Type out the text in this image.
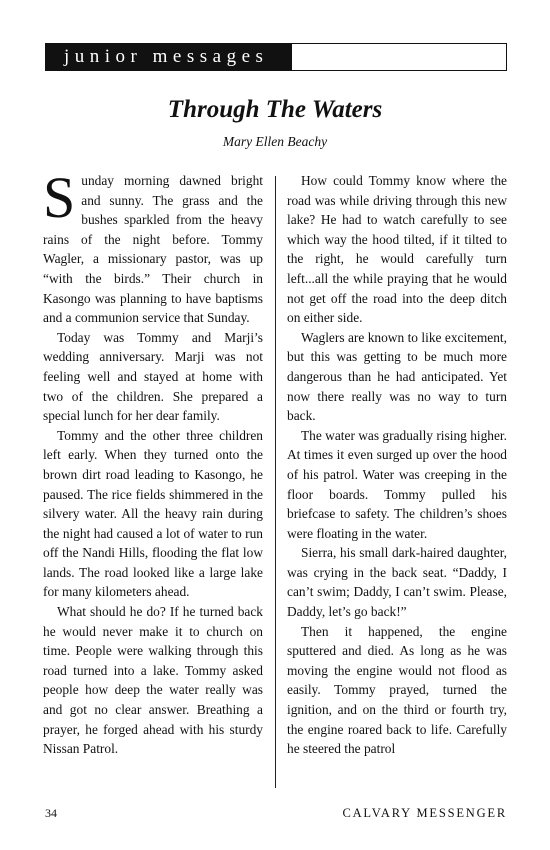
junior messages
Through The Waters
Mary Ellen Beachy

Sunday morning dawned bright and sunny. The grass and the bushes sparkled from the heavy rains of the night before. Tommy Wagler, a missionary pastor, was up “with the birds.” Their church in Kasongo was planning to have baptisms and a communion service that Sunday.

Today was Tommy and Marji’s wedding anniversary. Marji was not feeling well and stayed at home with two of the children. She prepared a special lunch for her dear family.

Tommy and the other three children left early. When they turned onto the brown dirt road leading to Kasongo, he paused. The rice fields shimmered in the silvery water. All the heavy rain during the night had caused a lot of water to run off the Nandi Hills, flooding the flat low lands. The road looked like a large lake for many kilometers ahead.

What should he do? If he turned back he would never make it to church on time. People were walking through this road turned into a lake. Tommy asked people how deep the water really was and got no clear answer. Breathing a prayer, he forged ahead with his sturdy Nissan Patrol.

How could Tommy know where the road was while driving through this new lake? He had to watch carefully to see which way the hood tilted, if it tilted to the right, he would carefully turn left...all the while praying that he would not get off the road into the deep ditch on either side.

Waglers are known to like excitement, but this was getting to be much more dangerous than he had anticipated. Yet now there really was no way to turn back.

The water was gradually rising higher. At times it even surged up over the hood of his patrol. Water was creeping in the floor boards. Tommy pulled his briefcase to safety. The children’s shoes were floating in the water.

Sierra, his small dark-haired daughter, was crying in the back seat. “Daddy, I can’t swim; Daddy, I can’t swim. Please, Daddy, let’s go back!”

Then it happened, the engine sputtered and died. As long as he was moving the engine would not flood as easily. Tommy prayed, turned the ignition, and on the third or fourth try, the engine roared back to life. Carefully he steered the patrol

34	CALVARY MESSENGER
